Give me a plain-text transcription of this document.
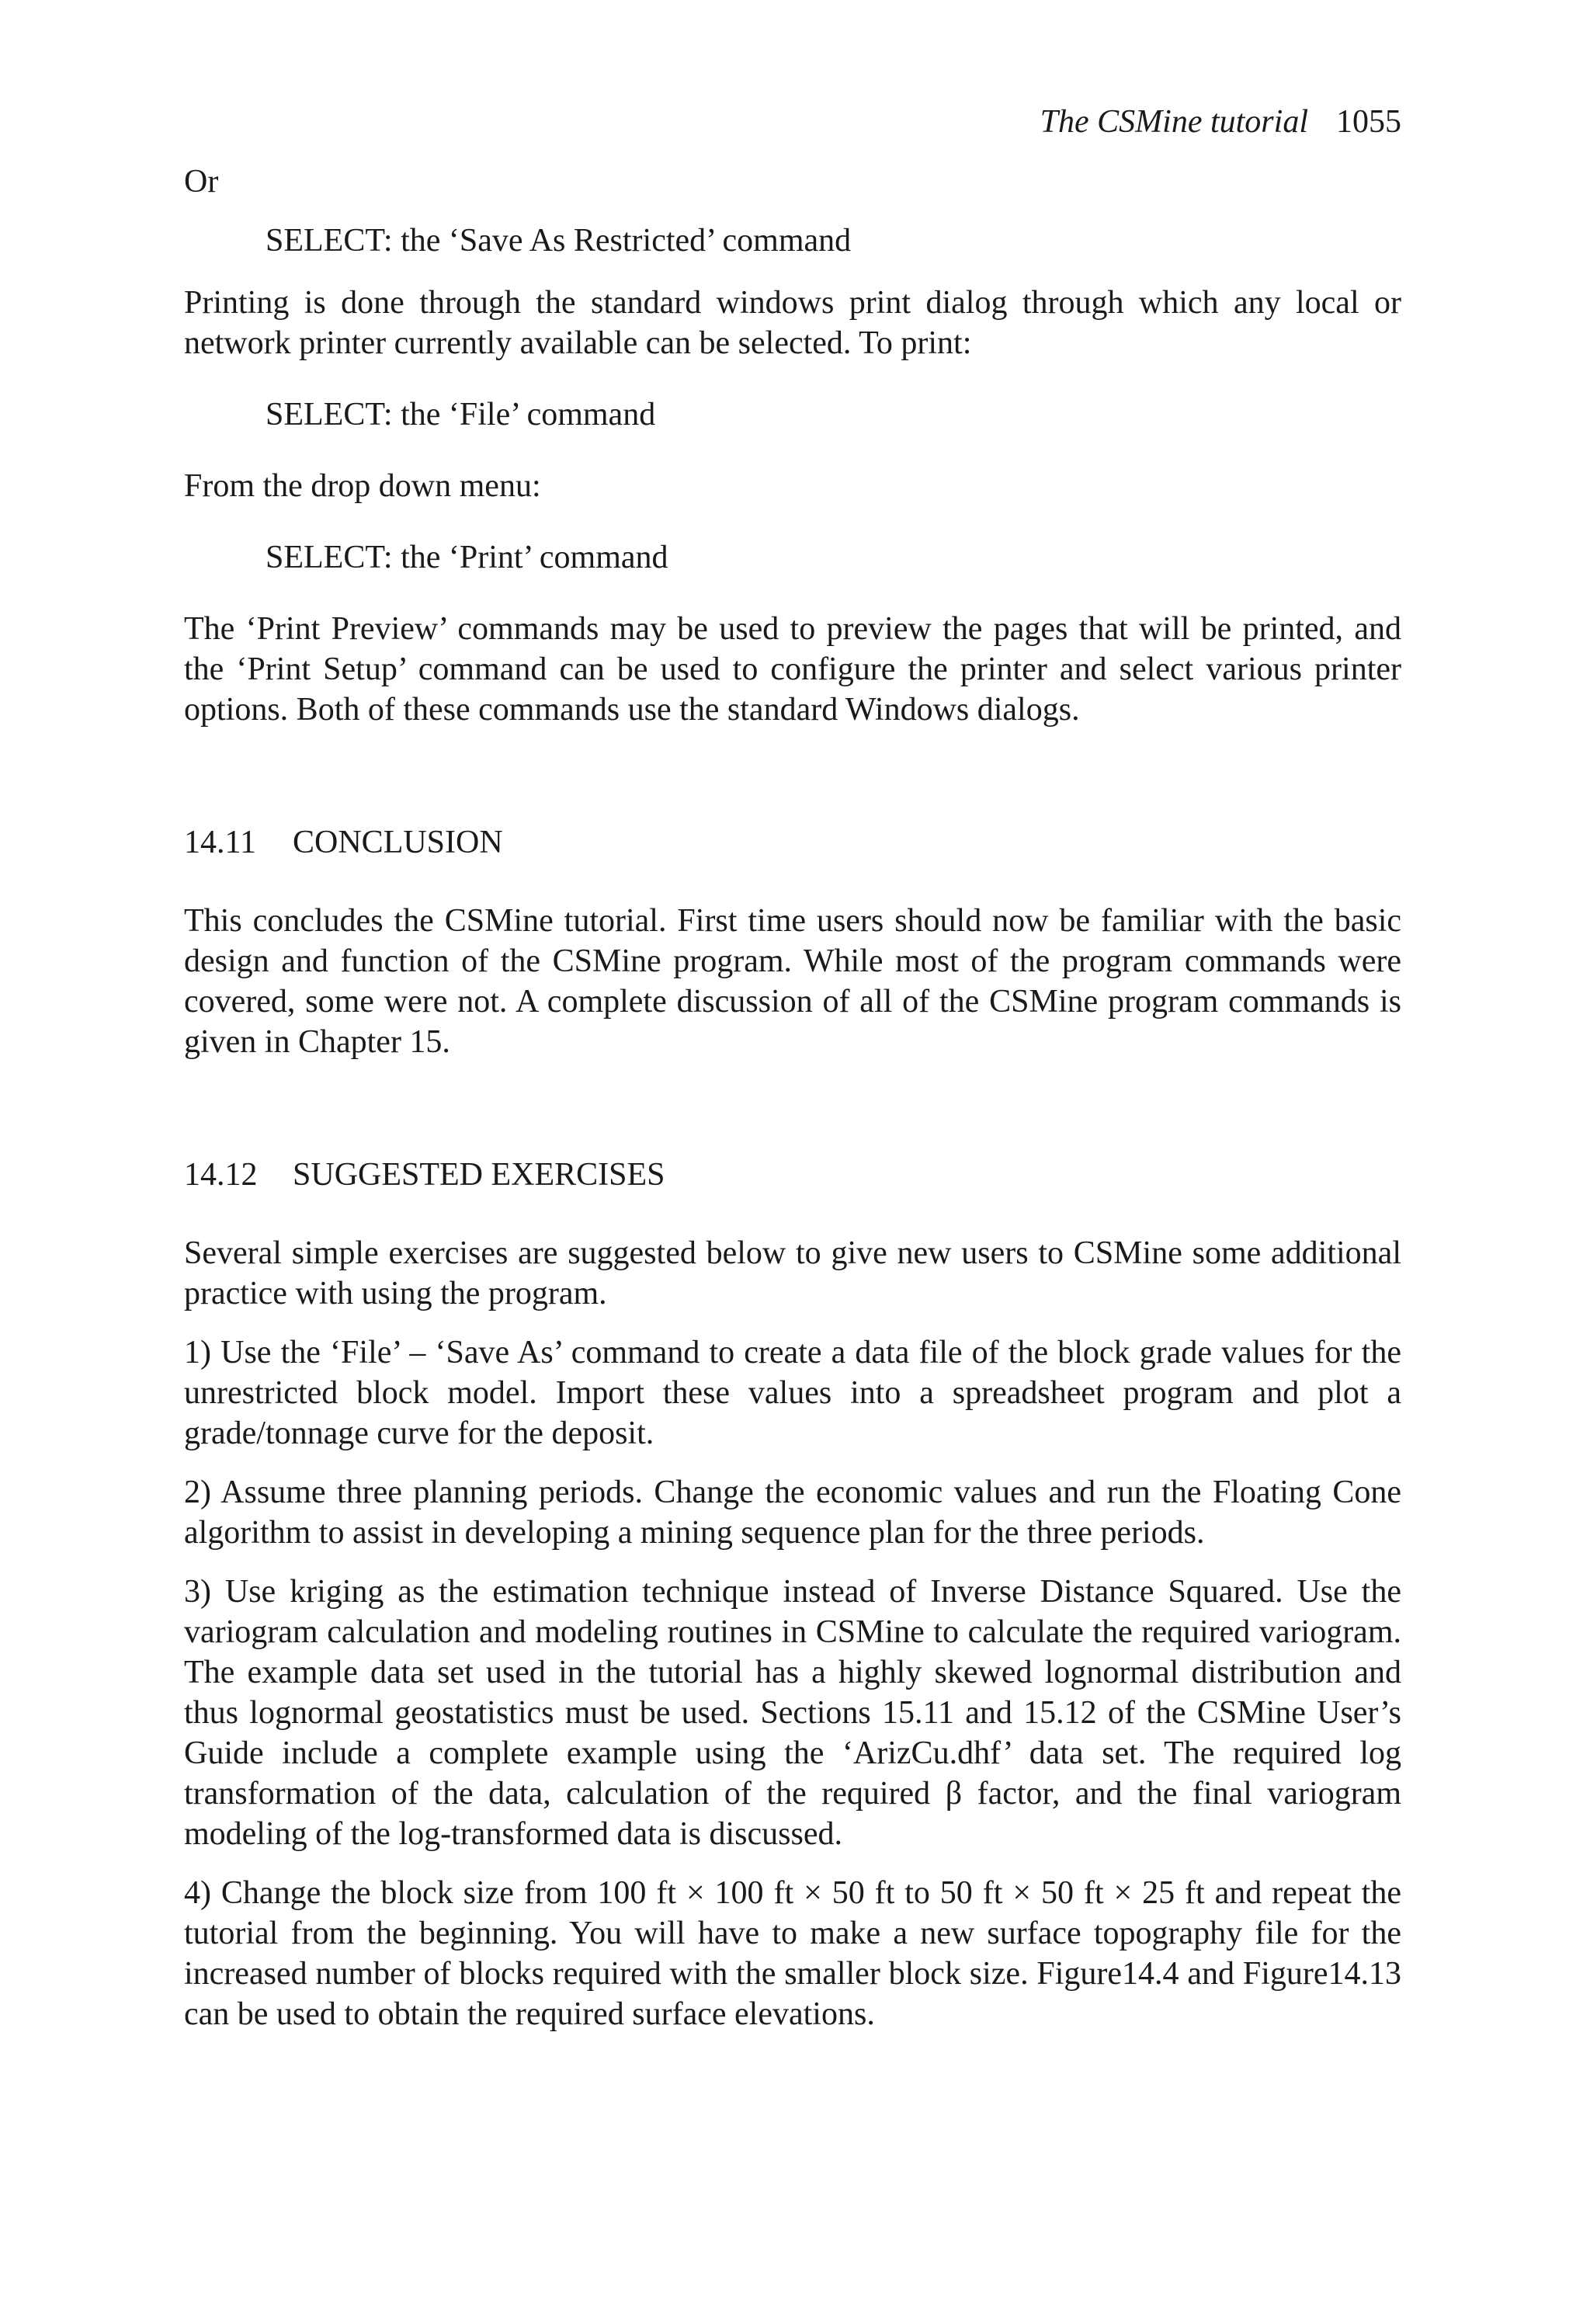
The CSMine tutorial 1055

Or

SELECT: the ‘Save As Restricted’ command

Printing is done through the standard windows print dialog through which any local or network printer currently available can be selected. To print:

SELECT: the ‘File’ command

From the drop down menu:

SELECT: the ‘Print’ command

The ‘Print Preview’ commands may be used to preview the pages that will be printed, and the ‘Print Setup’ command can be used to configure the printer and select various printer options. Both of these commands use the standard Windows dialogs.

14.11 CONCLUSION

This concludes the CSMine tutorial. First time users should now be familiar with the basic design and function of the CSMine program. While most of the program commands were covered, some were not. A complete discussion of all of the CSMine program commands is given in Chapter 15.

14.12 SUGGESTED EXERCISES

Several simple exercises are suggested below to give new users to CSMine some additional practice with using the program.

1) Use the ‘File’ – ‘Save As’ command to create a data file of the block grade values for the unrestricted block model. Import these values into a spreadsheet program and plot a grade/tonnage curve for the deposit.

2) Assume three planning periods. Change the economic values and run the Floating Cone algorithm to assist in developing a mining sequence plan for the three periods.

3) Use kriging as the estimation technique instead of Inverse Distance Squared. Use the variogram calculation and modeling routines in CSMine to calculate the required variogram. The example data set used in the tutorial has a highly skewed lognormal distribution and thus lognormal geostatistics must be used. Sections 15.11 and 15.12 of the CSMine User’s Guide include a complete example using the ‘ArizCu.dhf’ data set. The required log transformation of the data, calculation of the required β factor, and the final variogram modeling of the log-transformed data is discussed.

4) Change the block size from 100 ft × 100 ft × 50 ft to 50 ft × 50 ft × 25 ft and repeat the tutorial from the beginning. You will have to make a new surface topography file for the increased number of blocks required with the smaller block size. Figure14.4 and Figure14.13 can be used to obtain the required surface elevations.
